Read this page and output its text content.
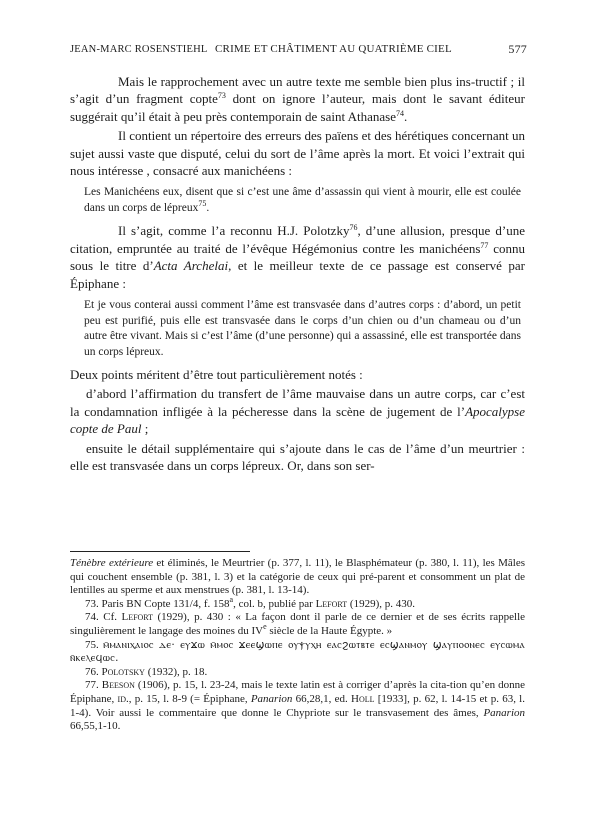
JEAN-MARC ROSENSTIEHL CRIME ET CHÂTIMENT AU QUATRIÈME CIEL	577

Mais le rapprochement avec un autre texte me semble bien plus ins-tructif ; il s’agit d’un fragment copte$^{73}$ dont on ignore l’auteur, mais dont le savant éditeur suggérait qu’il était à peu près contemporain de saint Athanase$^{74}$.

Il contient un répertoire des erreurs des païens et des hérétiques concernant un sujet aussi vaste que disputé, celui du sort de l’âme après la mort. Et voici l’extrait qui nous intéresse , consacré aux manichéens :

Les Manichéens eux, disent que si c’est une âme d’assassin qui vient à mourir, elle est coulée dans un corps de lépreux$^{75}$.

Il s’agit, comme l’a reconnu H.J. Polotzky$^{76}$, d’une allusion, presque d’une citation, empruntée au traité de l’évêque Hégémonius contre les manichéens$^{77}$ connu sous le titre d’Acta Archelai, et le meilleur texte de ce passage est conservé par Épiphane :

Et je vous conterai aussi comment l’âme est transvasée dans d’autres corps : d’abord, un petit peu est purifié, puis elle est transvasée dans le corps d’un chien ou d’un chameau ou d’un autre être vivant. Mais si c’est l’âme (d’une personne) qui a assassiné, elle est transportée dans un corps lépreux.

Deux points méritent d’être tout particulièrement notés :

d’abord l’affirmation du transfert de l’âme mauvaise dans un autre corps, car c’est la condamnation infligée à la pécheresse dans la scène de jugement de l’Apocalypse copte de Paul ;

ensuite le détail supplémentaire qui s’ajoute dans le cas de l’âme d’un meurtrier : elle est transvasée dans un corps lépreux. Or, dans son ser-

Ténèbre extérieure et éliminés, le Meurtrier (p. 377, l. 11), le Blasphémateur (p. 380, l. 11), les Mâles qui couchent ensemble (p. 381, l. 3) et la catégorie de ceux qui pré-parent et consomment un plat de lentilles au sperme et aux menstrues (p. 381, l. 13-14).

73. Paris BN Copte 131/4, f. 158$^a$, col. b, publié par Lefort (1929), p. 430.

74. Cf. Lefort (1929), p. 430 : « La façon dont il parle de ce dernier et de ses écrits rappelle singulièrement le langage des moines du IVe siècle de la Haute Égypte. »

75. ⲙ̄ⲙⲁⲛⲓⲭⲁⲓⲟⲥ ⲇⲉ· ⲉⲩϫⲱ ⲙ̄ⲙⲟⲥ ϫⲉⲉϣⲱⲡⲉ ⲟⲩⲯⲩⲭⲏ ⲉⲁⲥϩⲱⲧⲃⲧⲉ ⲉⲥϣⲁⲛⲙⲟⲩ ϣⲁⲩⲡⲟⲟⲛⲉⲥ ⲉⲩⲥⲱⲙⲁ ⲛ̄ⲕⲉⲗⲉϥⲱⲥ.

76. Polotsky (1932), p. 18.

77. Beeson (1906), p. 15, l. 23-24, mais le texte latin est à corriger d’après la cita-tion qu’en donne Épiphane, id., p. 15, l. 8-9 (= Épiphane, Panarion 66,28,1, ed. Holl [1933], p. 62, l. 14-15 et p. 63, l. 1-4). Voir aussi le commentaire que donne le Chypriote sur le transvasement des âmes, Panarion 66,55,1-10.
